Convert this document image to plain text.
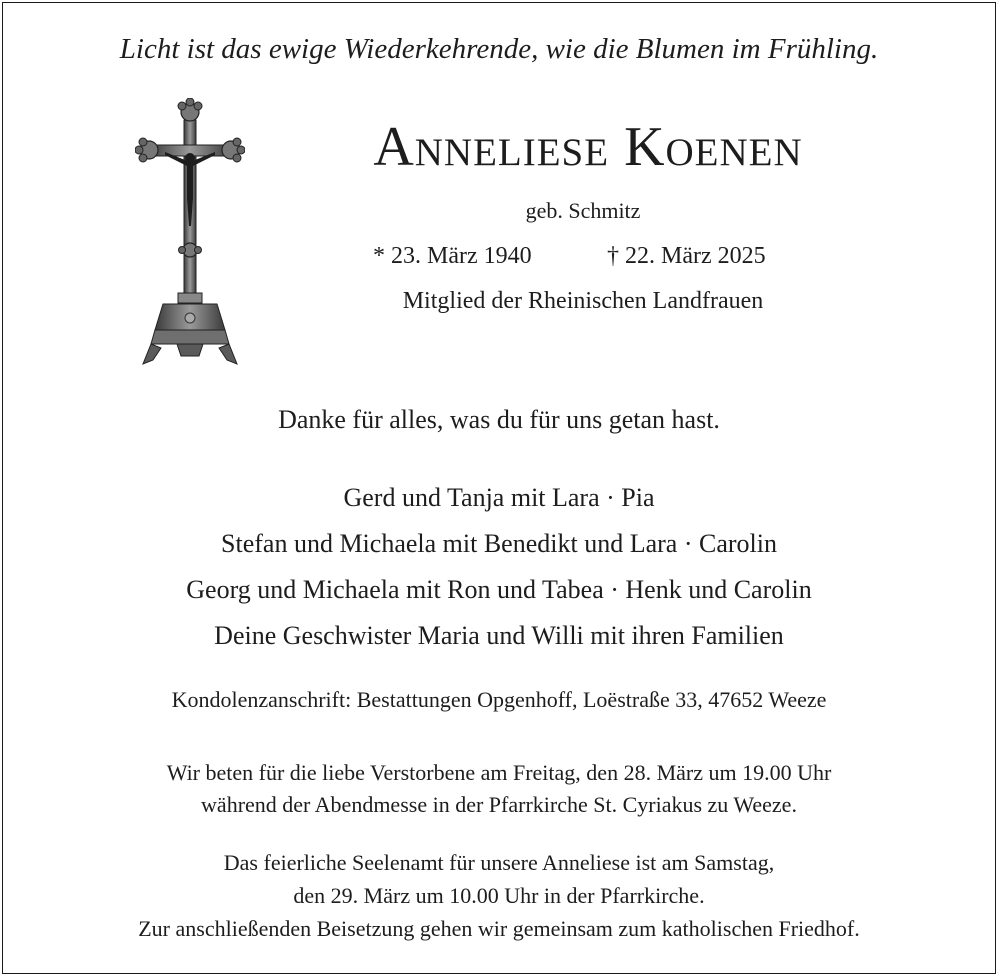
Licht ist das ewige Wiederkehrende, wie die Blumen im Frühling.
Anneliese Koenen
geb. Schmitz
* 23. März 1940	† 22. März 2025
Mitglied der Rheinischen Landfrauen
Danke für alles, was du für uns getan hast.
Gerd und Tanja mit Lara · Pia
Stefan und Michaela mit Benedikt und Lara · Carolin
Georg und Michaela mit Ron und Tabea · Henk und Carolin
Deine Geschwister Maria und Willi mit ihren Familien
Kondolenzanschrift: Bestattungen Opgenhoff, Loëstraße 33, 47652 Weeze
Wir beten für die liebe Verstorbene am Freitag, den 28. März um 19.00 Uhr
während der Abendmesse in der Pfarrkirche St. Cyriakus zu Weeze.
Das feierliche Seelenamt für unsere Anneliese ist am Samstag,
den 29. März um 10.00 Uhr in der Pfarrkirche.
Zur anschließenden Beisetzung gehen wir gemeinsam zum katholischen Friedhof.
